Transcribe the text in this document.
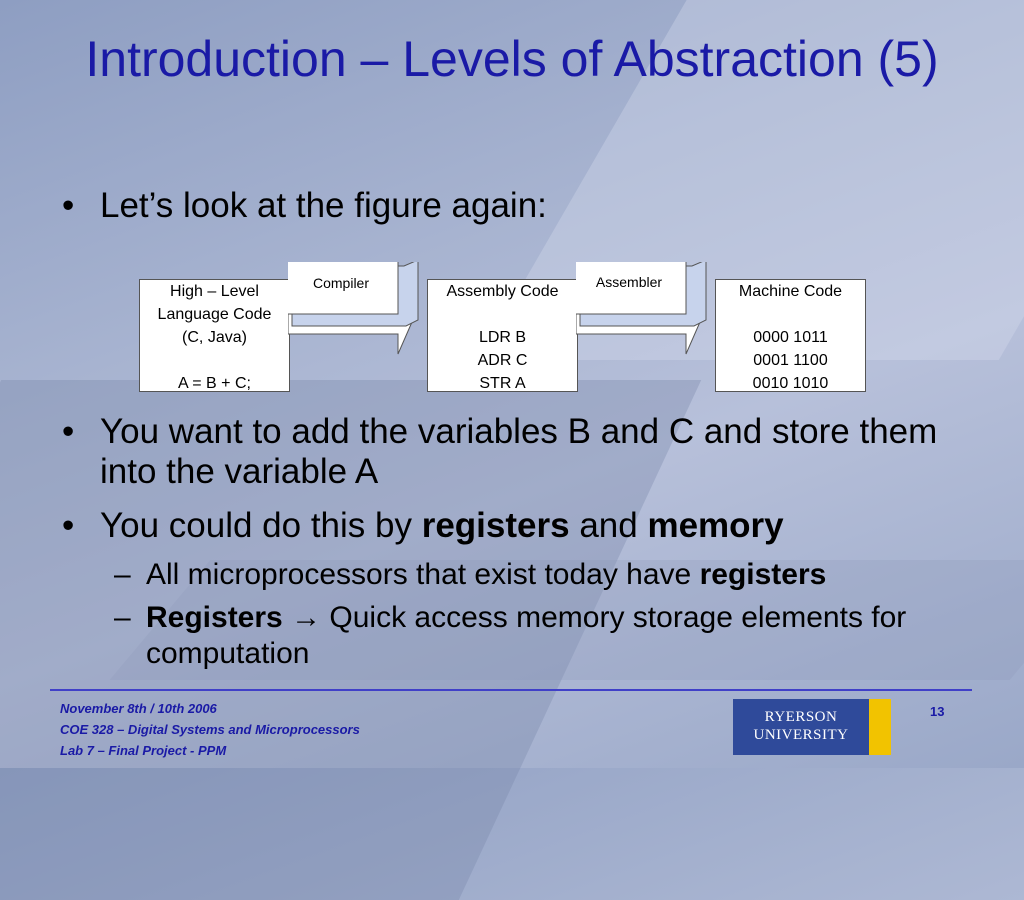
Introduction – Levels of Abstraction (5)
• Let’s look at the figure again:
High – Level
Language Code
(C, Java)

A = B + C;
Compiler	Assembly Code

LDR B
ADR C
STR A
Assembler
Machine Code

0000 1011
0001 1100
0010 1010
• You want to add the variables B and C and store them into the variable A
• You could do this by registers and memory
– All microprocessors that exist today have registers
– Registers → Quick access memory storage elements for computation
November 8th / 10th 2006
COE 328 – Digital Systems and Microprocessors
Lab 7 – Final Project - PPM
RYERSON
UNIVERSITY
13
